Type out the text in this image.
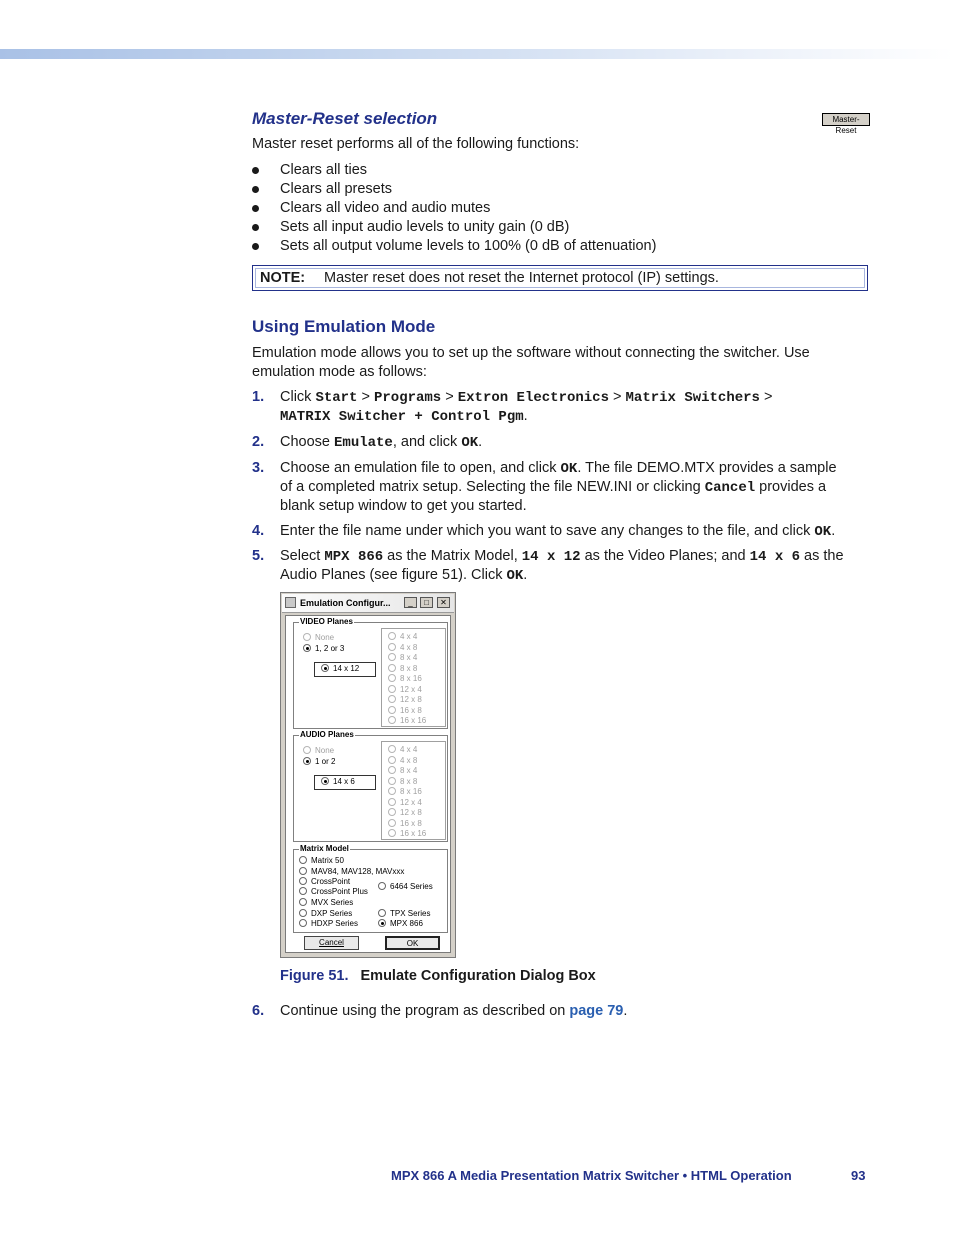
Master-Reset selection	Master-Reset
Master reset performs all of the following functions:
Clears all ties
Clears all presets
Clears all video and audio mutes
Sets all input audio levels to unity gain (0 dB)
Sets all output volume levels to 100% (0 dB of attenuation)
NOTE: Master reset does not reset the Internet protocol (IP) settings.
Using Emulation Mode
Emulation mode allows you to set up the software without connecting the switcher. Use
emulation mode as follows:
1. Click Start > Programs > Extron Electronics > Matrix Switchers >
MATRIX Switcher + Control Pgm.
2. Choose Emulate, and click OK.
3. Choose an emulation file to open, and click OK. The file DEMO.MTX provides a sample
of a completed matrix setup. Selecting the file NEW.INI or clicking Cancel provides a
blank setup window to get you started.
4. Enter the file name under which you want to save any changes to the file, and click OK.
5. Select MPX 866 as the Matrix Model, 14 x 12 as the Video Planes; and 14 x 6 as the
Audio Planes (see figure 51). Click OK.
Emulation Configur...	_	□	✕
VIDEO Planes
None
1, 2 or 3
14 x 12
4 x 4
4 x 8
8 x 4
8 x 8
8 x 16
12 x 4
12 x 8
16 x 8
16 x 16
AUDIO Planes
None
1 or 2
14 x 6
4 x 4
4 x 8
8 x 4
8 x 8
8 x 16
12 x 4
12 x 8
16 x 8
16 x 16
Matrix Model
Matrix 50
MAV84, MAV128, MAVxxx
CrossPoint
CrossPoint Plus
MVX Series
DXP Series
HDXP Series
6464 Series
TPX Series
MPX 866
Cancel	OK
Figure 51. Emulate Configuration Dialog Box
6. Continue using the program as described on page 79.
MPX 866 A Media Presentation Matrix Switcher • HTML Operation	93
